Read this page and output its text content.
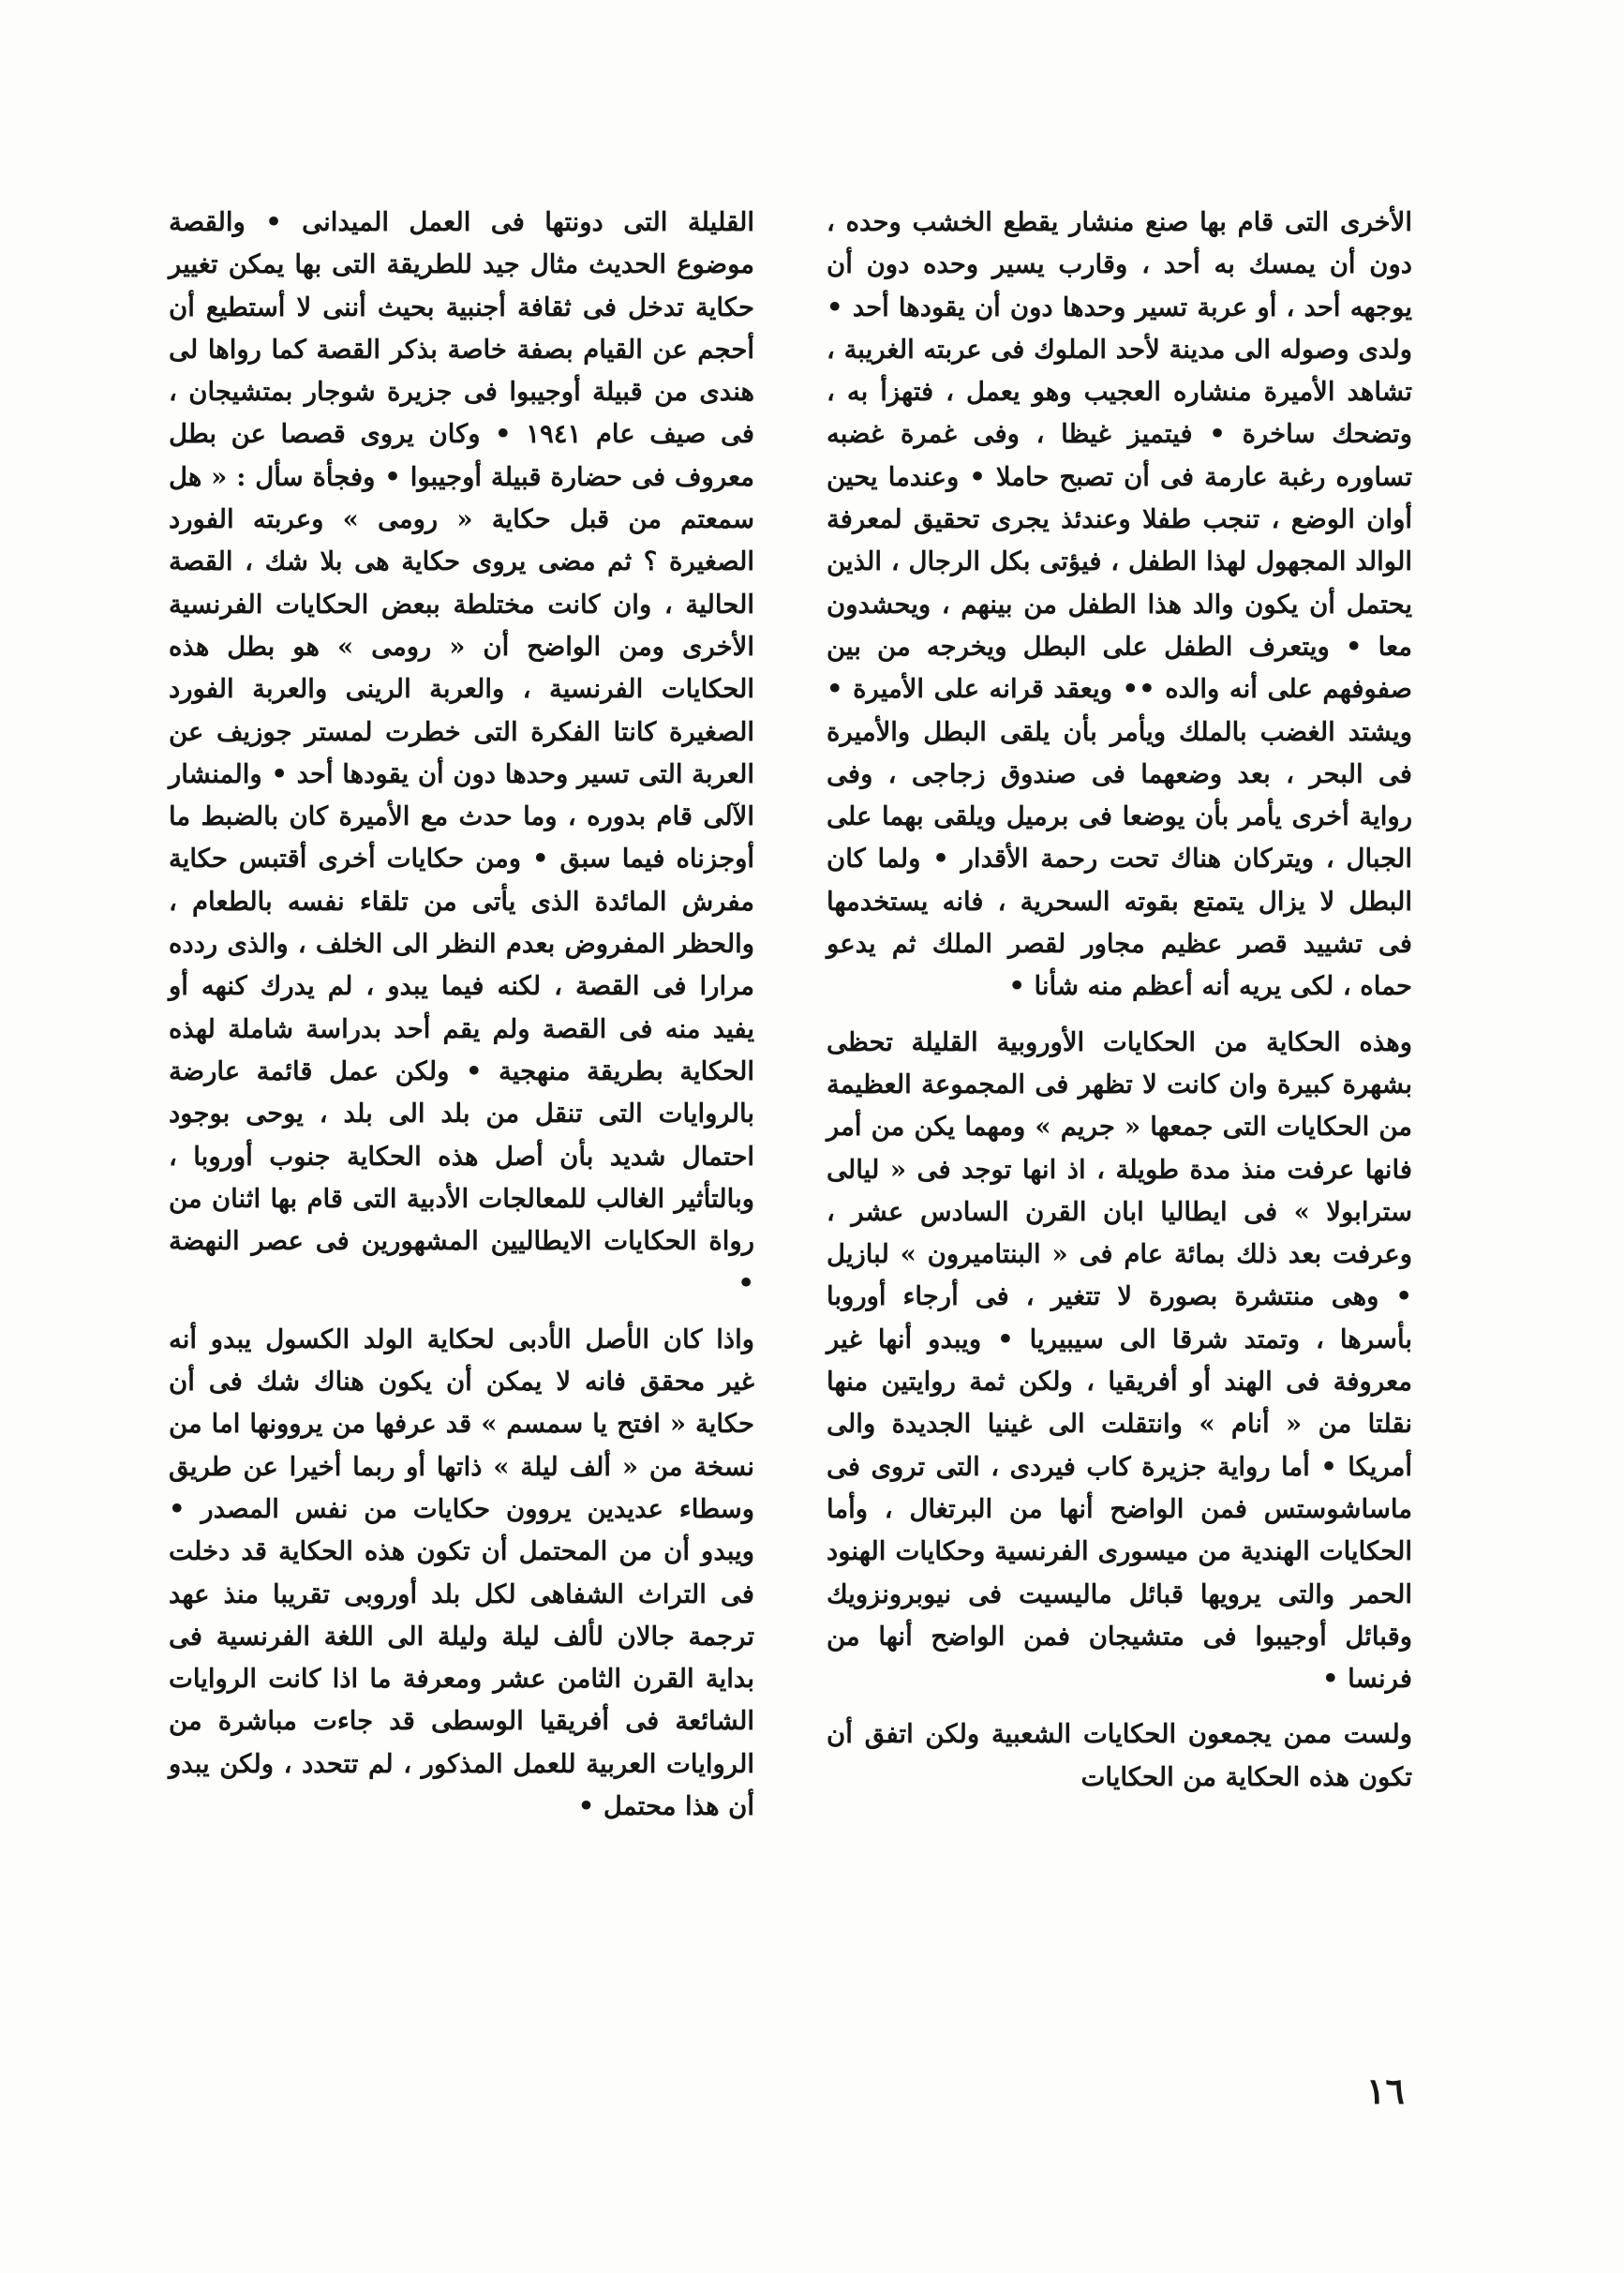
الأخرى التى قام بها صنع منشار يقطع الخشب وحده ، دون أن يمسك به أحد ، وقارب يسير وحده دون أن يوجهه أحد ، أو عربة تسير وحدها دون أن يقودها أحد • ولدى وصوله الى مدينة لأحد الملوك فى عربته الغريبة ، تشاهد الأميرة منشاره العجيب وهو يعمل ، فتهزأ به ، وتضحك ساخرة • فيتميز غيظا ، وفى غمرة غضبه تساوره رغبة عارمة فى أن تصبح حاملا • وعندما يحين أوان الوضع ، تنجب طفلا وعندئذ يجرى تحقيق لمعرفة الوالد المجهول لهذا الطفل ، فيؤتى بكل الرجال ، الذين يحتمل أن يكون والد هذا الطفل من بينهم ، ويحشدون معا • ويتعرف الطفل على البطل ويخرجه من بين صفوفهم على أنه والده •• ويعقد قرانه على الأميرة • ويشتد الغضب بالملك ويأمر بأن يلقى البطل والأميرة فى البحر ، بعد وضعهما فى صندوق زجاجى ، وفى رواية أخرى يأمر بأن يوضعا فى برميل ويلقى بهما على الجبال ، ويتركان هناك تحت رحمة الأقدار • ولما كان البطل لا يزال يتمتع بقوته السحرية ، فانه يستخدمها فى تشييد قصر عظيم مجاور لقصر الملك ثم يدعو حماه ، لكى يريه أنه أعظم منه شأنا •

وهذه الحكاية من الحكايات الأوروبية القليلة تحظى بشهرة كبيرة وان كانت لا تظهر فى المجموعة العظيمة من الحكايات التى جمعها « جريم » ومهما يكن من أمر فانها عرفت منذ مدة طويلة ، اذ انها توجد فى « ليالى سترابولا » فى ايطاليا ابان القرن السادس عشر ، وعرفت بعد ذلك بمائة عام فى « البنتاميرون » لبازيل • وهى منتشرة بصورة لا تتغير ، فى أرجاء أوروبا بأسرها ، وتمتد شرقا الى سيبيريا • ويبدو أنها غير معروفة فى الهند أو أفريقيا ، ولكن ثمة روايتين منها نقلتا من « أنام » وانتقلت الى غينيا الجديدة والى أمريكا • أما رواية جزيرة كاب فيردى ، التى تروى فى ماساشوستس فمن الواضح أنها من البرتغال ، وأما الحكايات الهندية من ميسورى الفرنسية وحكايات الهنود الحمر والتى يرويها قبائل ماليسيت فى نيوبرونزويك وقبائل أوجيبوا فى متشيجان فمن الواضح أنها من فرنسا •

ولست ممن يجمعون الحكايات الشعبية ولكن اتفق أن تكون هذه الحكاية من الحكايات

القليلة التى دونتها فى العمل الميدانى • والقصة موضوع الحديث مثال جيد للطريقة التى بها يمكن تغيير حكاية تدخل فى ثقافة أجنبية بحيث أننى لا أستطيع أن أحجم عن القيام بصفة خاصة بذكر القصة كما رواها لى هندى من قبيلة أوجيبوا فى جزيرة شوجار بمتشيجان ، فى صيف عام ١٩٤١ • وكان يروى قصصا عن بطل معروف فى حضارة قبيلة أوجيبوا • وفجأة سأل : « هل سمعتم من قبل حكاية « رومى » وعربته الفورد الصغيرة ؟ ثم مضى يروى حكاية هى بلا شك ، القصة الحالية ، وان كانت مختلطة ببعض الحكايات الفرنسية الأخرى ومن الواضح أن « رومى » هو بطل هذه الحكايات الفرنسية ، والعربة الرينى والعربة الفورد الصغيرة كانتا الفكرة التى خطرت لمستر جوزيف عن العربة التى تسير وحدها دون أن يقودها أحد • والمنشار الآلى قام بدوره ، وما حدث مع الأميرة كان بالضبط ما أوجزناه فيما سبق • ومن حكايات أخرى أقتبس حكاية مفرش المائدة الذى يأتى من تلقاء نفسه بالطعام ، والحظر المفروض بعدم النظر الى الخلف ، والذى ردده مرارا فى القصة ، لكنه فيما يبدو ، لم يدرك كنهه أو يفيد منه فى القصة ولم يقم أحد بدراسة شاملة لهذه الحكاية بطريقة منهجية • ولكن عمل قائمة عارضة بالروايات التى تنقل من بلد الى بلد ، يوحى بوجود احتمال شديد بأن أصل هذه الحكاية جنوب أوروبا ، وبالتأثير الغالب للمعالجات الأدبية التى قام بها اثنان من رواة الحكايات الايطاليين المشهورين فى عصر النهضة •

واذا كان الأصل الأدبى لحكاية الولد الكسول يبدو أنه غير محقق فانه لا يمكن أن يكون هناك شك فى أن حكاية « افتح يا سمسم » قد عرفها من يروونها اما من نسخة من « ألف ليلة » ذاتها أو ربما أخيرا عن طريق وسطاء عديدين يروون حكايات من نفس المصدر • ويبدو أن من المحتمل أن تكون هذه الحكاية قد دخلت فى التراث الشفاهى لكل بلد أوروبى تقريبا منذ عهد ترجمة جالان لألف ليلة وليلة الى اللغة الفرنسية فى بداية القرن الثامن عشر ومعرفة ما اذا كانت الروايات الشائعة فى أفريقيا الوسطى قد جاءت مباشرة من الروايات العربية للعمل المذكور ، لم تتحدد ، ولكن يبدو أن هذا محتمل •

١٦
